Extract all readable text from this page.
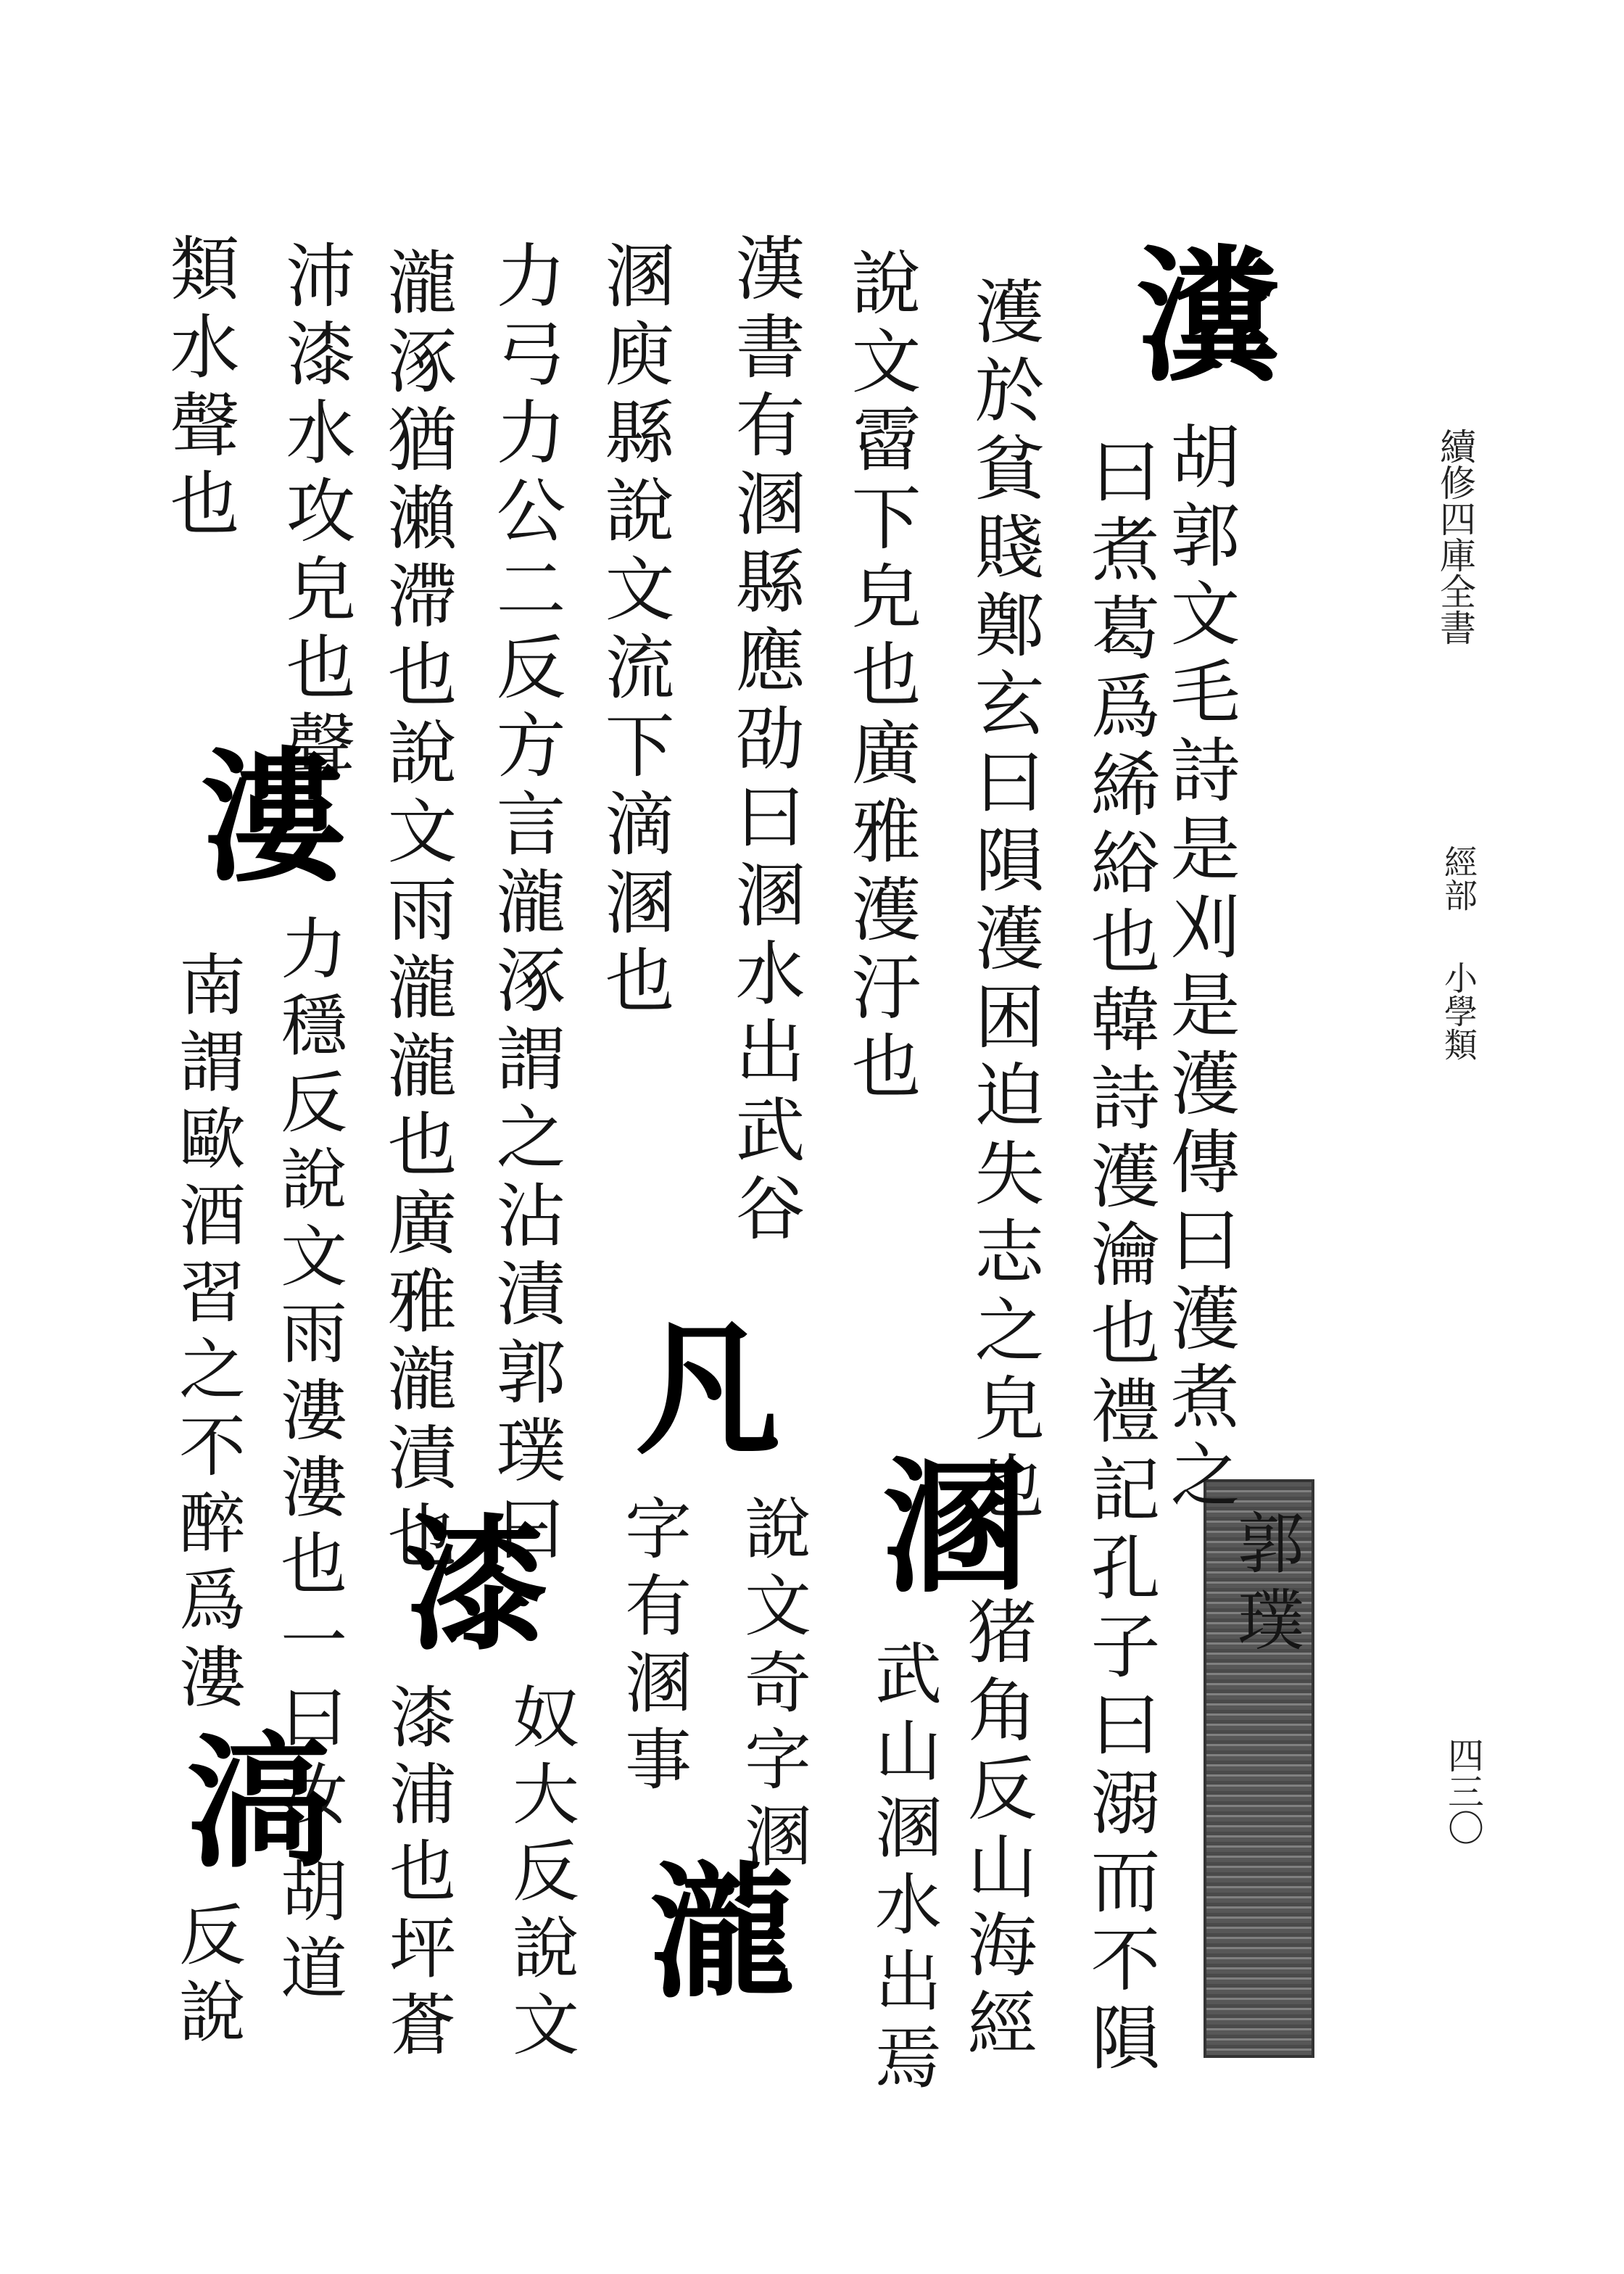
續修四庫全書
經部
小學類
四三〇
瀵
胡郭文毛詩是刈是濩傳曰濩煮之
郭璞
曰煮葛爲絺綌也韓詩濩瀹也禮記孔子曰溺而不隕
濩於貧賤鄭玄曰隕濩困迫失志之皃也
說文霤下皃也廣雅濩汙也
溷
猪角反山海經
漢書有溷縣應劭曰溷水出武谷
武山溷水出焉
溷庾縣說文流下滴溷也
凡
說文奇字溷
字有溷事
力弓力公二反方言瀧涿謂之沾漬郭璞曰
瀧涿猶瀨滯也說文雨瀧瀧也廣雅瀧漬也
漆
瀧
奴大反說文
漆浦也坪蒼
沛漆水攻皃也聲
漊
力穩反說文雨漊漊也一曰汝
類水聲也
南謂歐酒習之不醉爲漊
滈
胡道
反說
